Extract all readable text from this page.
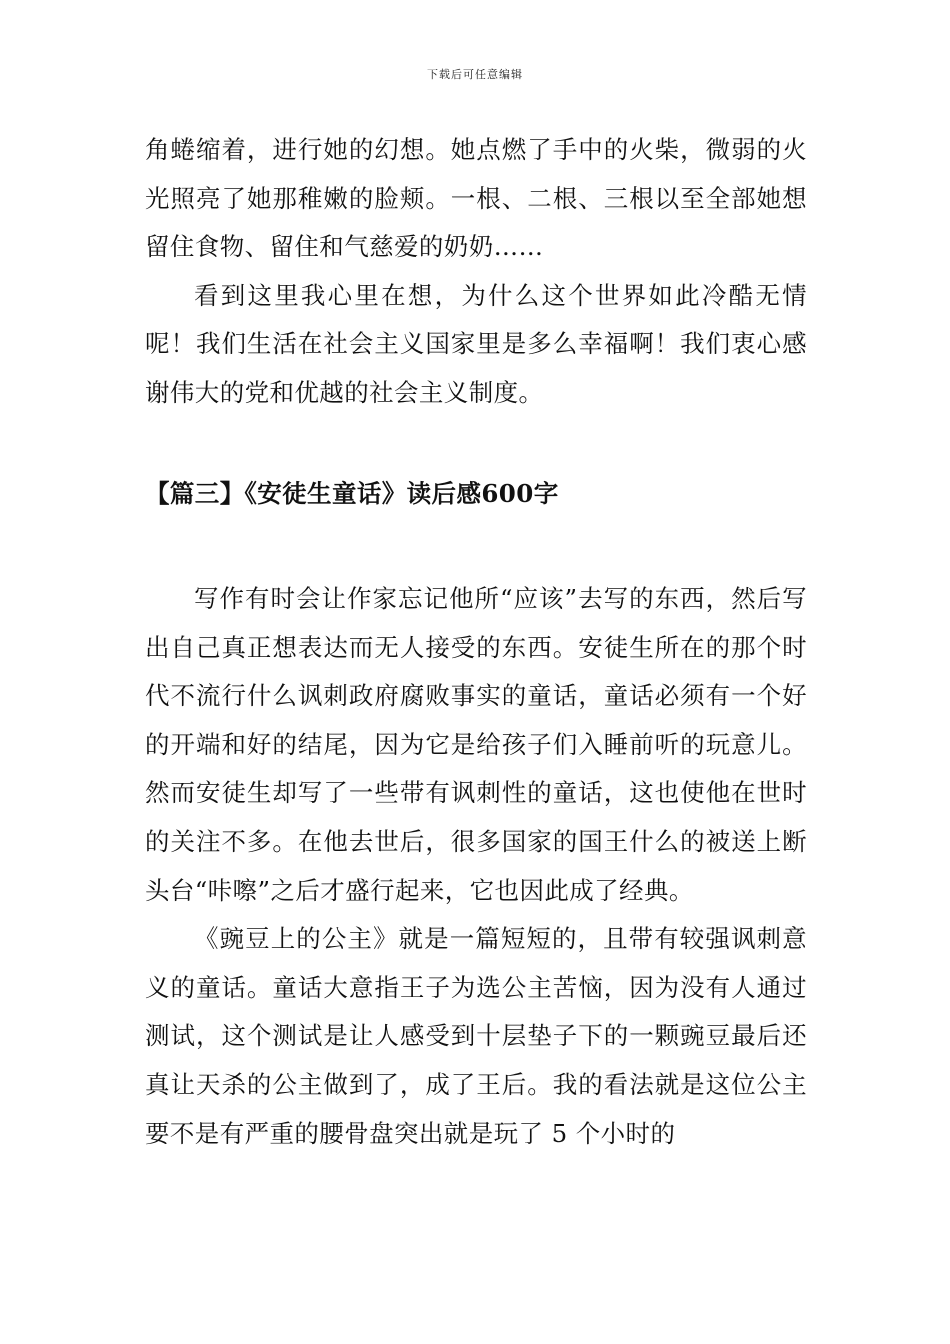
下载后可任意编辑

角蜷缩着，进行她的幻想。她点燃了手中的火柴，微弱的火光照亮了她那稚嫩的脸颊。一根、二根、三根以至全部她想留住食物、留住和气慈爱的奶奶……

看到这里我心里在想，为什么这个世界如此冷酷无情呢！我们生活在社会主义国家里是多么幸福啊！我们衷心感谢伟大的党和优越的社会主义制度。

【篇三】《安徒生童话》读后感600字

写作有时会让作家忘记他所“应该”去写的东西，然后写出自己真正想表达而无人接受的东西。安徒生所在的那个时代不流行什么讽刺政府腐败事实的童话，童话必须有一个好的开端和好的结尾，因为它是给孩子们入睡前听的玩意儿。然而安徒生却写了一些带有讽刺性的童话，这也使他在世时的关注不多。在他去世后，很多国家的国王什么的被送上断头台“咔嚓”之后才盛行起来，它也因此成了经典。

《豌豆上的公主》就是一篇短短的，且带有较强讽刺意义的童话。童话大意指王子为选公主苦恼，因为没有人通过测试，这个测试是让人感受到十层垫子下的一颗豌豆最后还真让天杀的公主做到了，成了王后。我的看法就是这位公主要不是有严重的腰骨盘突出就是玩了 5 个小时的
